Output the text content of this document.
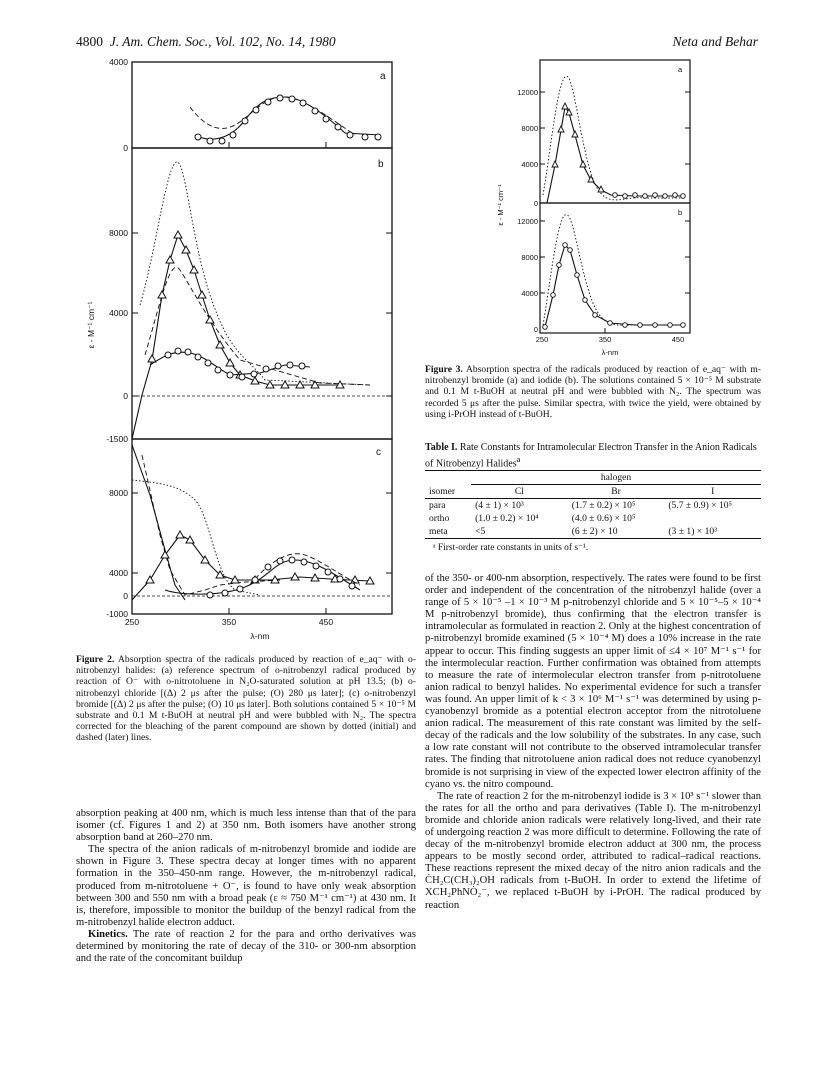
4800 J. Am. Chem. Soc., Vol. 102, No. 14, 1980	Neta and Behar
4000
0
8000
4000
0
-1500
8000
4000
0
-1000
250	350	450
λ-nm
a
b
c
ε - M⁻¹ cm⁻¹
Figure 2. Absorption spectra of the radicals produced by reaction of e_aq⁻ with o-nitrobenzyl halides: (a) reference spectrum of o-nitrobenzyl radical produced by reaction of O⁻ with o-nitrotoluene in N₂O-saturated solution at pH 13.5; (b) o-nitrobenzyl chloride [(Δ) 2 μs after the pulse; (O) 280 μs later]; (c) o-nitrobenzyl bromide [(Δ) 2 μs after the pulse; (O) 10 μs later]. Both solutions contained 5 × 10⁻⁵ M substrate and 0.1 M t-BuOH at neutral pH and were bubbled with N₂. The spectra corrected for the bleaching of the parent compound are shown by dotted (initial) and dashed (later) lines.

absorption peaking at 400 nm, which is much less intense than that of the para isomer (cf. Figures 1 and 2) at 350 nm. Both isomers have another strong absorption band at 260–270 nm.

The spectra of the anion radicals of m-nitrobenzyl bromide and iodide are shown in Figure 3. These spectra decay at longer times with no apparent formation in the 350–450-nm range. However, the m-nitrobenzyl radical, produced from m-nitrotoluene + O⁻, is found to have only weak absorption between 300 and 550 nm with a broad peak (ε ≈ 750 M⁻¹ cm⁻¹) at 430 nm. It is, therefore, impossible to monitor the buildup of the benzyl radical from the m-nitrobenzyl halide electron adduct.

Kinetics. The rate of reaction 2 for the para and ortho derivatives was determined by monitoring the rate of decay of the 310- or 300-nm absorption and the rate of the concomitant buildup

12000
8000
4000
0
12000
8000
4000
0
250	350	450
λ-nm
a
b
ε - M⁻¹ cm⁻¹
Figure 3. Absorption spectra of the radicals produced by reaction of e_aq⁻ with m-nitrobenzyl bromide (a) and iodide (b). The solutions contained 5 × 10⁻⁵ M substrate and 0.1 M t-BuOH at neutral pH and were bubbled with N₂. The spectrum was recorded 5 μs after the pulse. Similar spectra, with twice the yield, were obtained by using i-PrOH instead of t-BuOH.
Table I. Rate Constants for Intramolecular Electron Transfer in the Anion Radicals of Nitrobenzyl Halides$^a$
	halogen		
isomer	Cl	Br	I
para	(4 ± 1) × 10³	(1.7 ± 0.2) × 10⁵	(5.7 ± 0.9) × 10⁵
ortho	(1.0 ± 0.2) × 10⁴	(4.0 ± 0.6) × 10⁵	
meta	<5	(6 ± 2) × 10	(3 ± 1) × 10³
ᵃ First-order rate constants in units of s⁻¹.

of the 350- or 400-nm absorption, respectively. The rates were found to be first order and independent of the concentration of the nitrobenzyl halide (over a range of 5 × 10⁻⁵ –1 × 10⁻³ M p-nitrobenzyl chloride and 5 × 10⁻⁵–5 × 10⁻⁴ M p-nitrobenzyl bromide), thus confirming that the electron transfer is intramolecular as formulated in reaction 2. Only at the highest concentration of p-nitrobenzyl bromide examined (5 × 10⁻⁴ M) does a 10% increase in the rate appear to occur. This finding suggests an upper limit of ≤4 × 10⁷ M⁻¹ s⁻¹ for the intermolecular reaction. Further confirmation was obtained from attempts to measure the rate of intermolecular electron transfer from p-nitrotoluene anion radical to benzyl halides. No experimental evidence for such a transfer was found. An upper limit of k < 3 × 10⁶ M⁻¹ s⁻¹ was determined by using p-cyanobenzyl bromide as a potential electron acceptor from the nitrotoluene anion radical. The measurement of this rate constant was limited by the self-decay of the radicals and the low solubility of the substrates. In any case, such a low rate constant will not contribute to the observed intramolecular transfer rates. The finding that nitrotoluene anion radical does not reduce cyanobenzyl bromide is not surprising in view of the expected lower electron affinity of the cyano vs. the nitro compound.

The rate of reaction 2 for the m-nitrobenzyl iodide is 3 × 10³ s⁻¹ slower than the rates for all the ortho and para derivatives (Table I). The m-nitrobenzyl bromide and chloride anion radicals were relatively long-lived, and their rate of undergoing reaction 2 was more difficult to determine. Following the rate of decay of the m-nitrobenzyl bromide electron adduct at 300 nm, the process appears to be mostly second order, attributed to radical–radical reactions. These reactions represent the mixed decay of the nitro anion radicals and the ĊH₂C(CH₃)₂OH radicals from t-BuOH. In order to extend the lifetime of XCH₂PhNȮ₂⁻, we replaced t-BuOH by i-PrOH. The radical produced by reaction
